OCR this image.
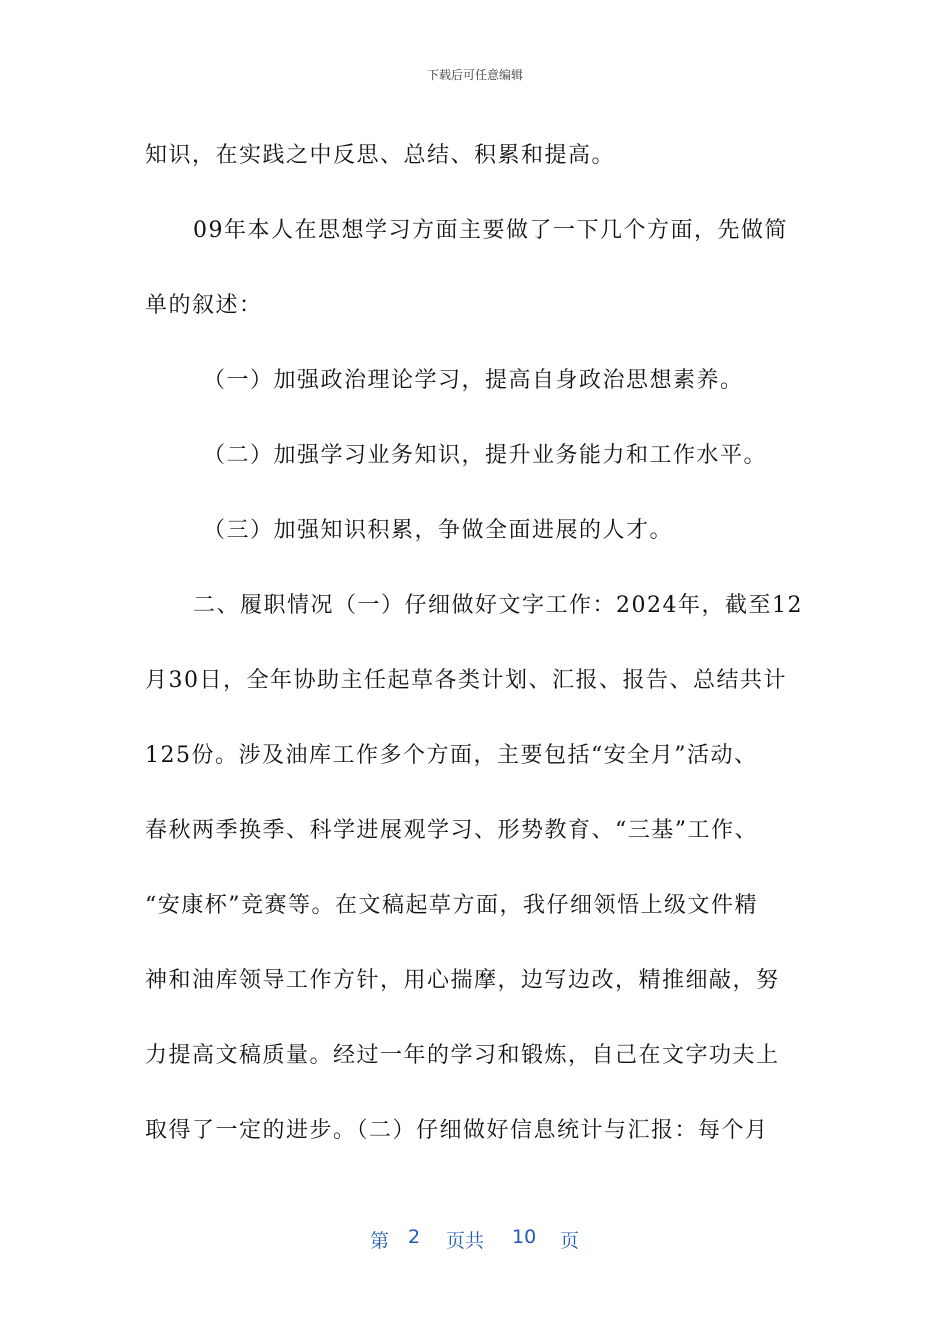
下载后可任意编辑

知识，在实践之中反思、总结、积累和提高。

09年本人在思想学习方面主要做了一下几个方面，先做简

单的叙述：

（一）加强政治理论学习，提高自身政治思想素养。

（二）加强学习业务知识，提升业务能力和工作水平。

（三）加强知识积累，争做全面进展的人才。

二、履职情况（一）仔细做好文字工作：2024年，截至12

月30日，全年协助主任起草各类计划、汇报、报告、总结共计

125份。涉及油库工作多个方面，主要包括“安全月”活动、

春秋两季换季、科学进展观学习、形势教育、“三基”工作、

“安康杯”竞赛等。在文稿起草方面，我仔细领悟上级文件精

神和油库领导工作方针，用心揣摩，边写边改，精推细敲，努

力提高文稿质量。经过一年的学习和锻炼，自己在文字功夫上

取得了一定的进步。（二）仔细做好信息统计与汇报：每个月

第 2 页共 10 页
